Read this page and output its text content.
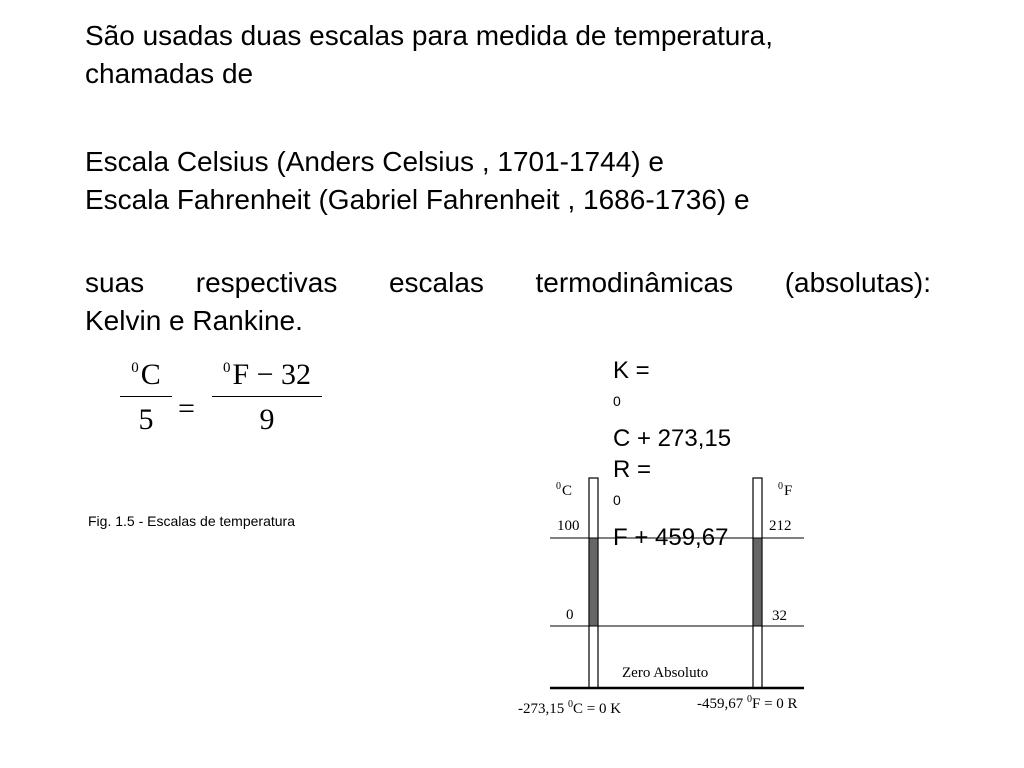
São usadas duas escalas para medida de temperatura,
chamadas de
Escala Celsius (Anders Celsius , 1701-1744) e
Escala Fahrenheit (Gabriel Fahrenheit , 1686-1736) e
suas respectivas escalas termodinâmicas (absolutas):
Kelvin e Rankine.
$^0$C
5 =
$^0$F − 32
9
K =
$^0$
C + 273,15
R =
$^0$
F + 459,67
Fig. 1.5 - Escalas de temperatura
0 C	0 F
100	212
0	32
Zero Absoluto
-273,15 $^0$C = 0 K	-459,67 $^0$F = 0 R
